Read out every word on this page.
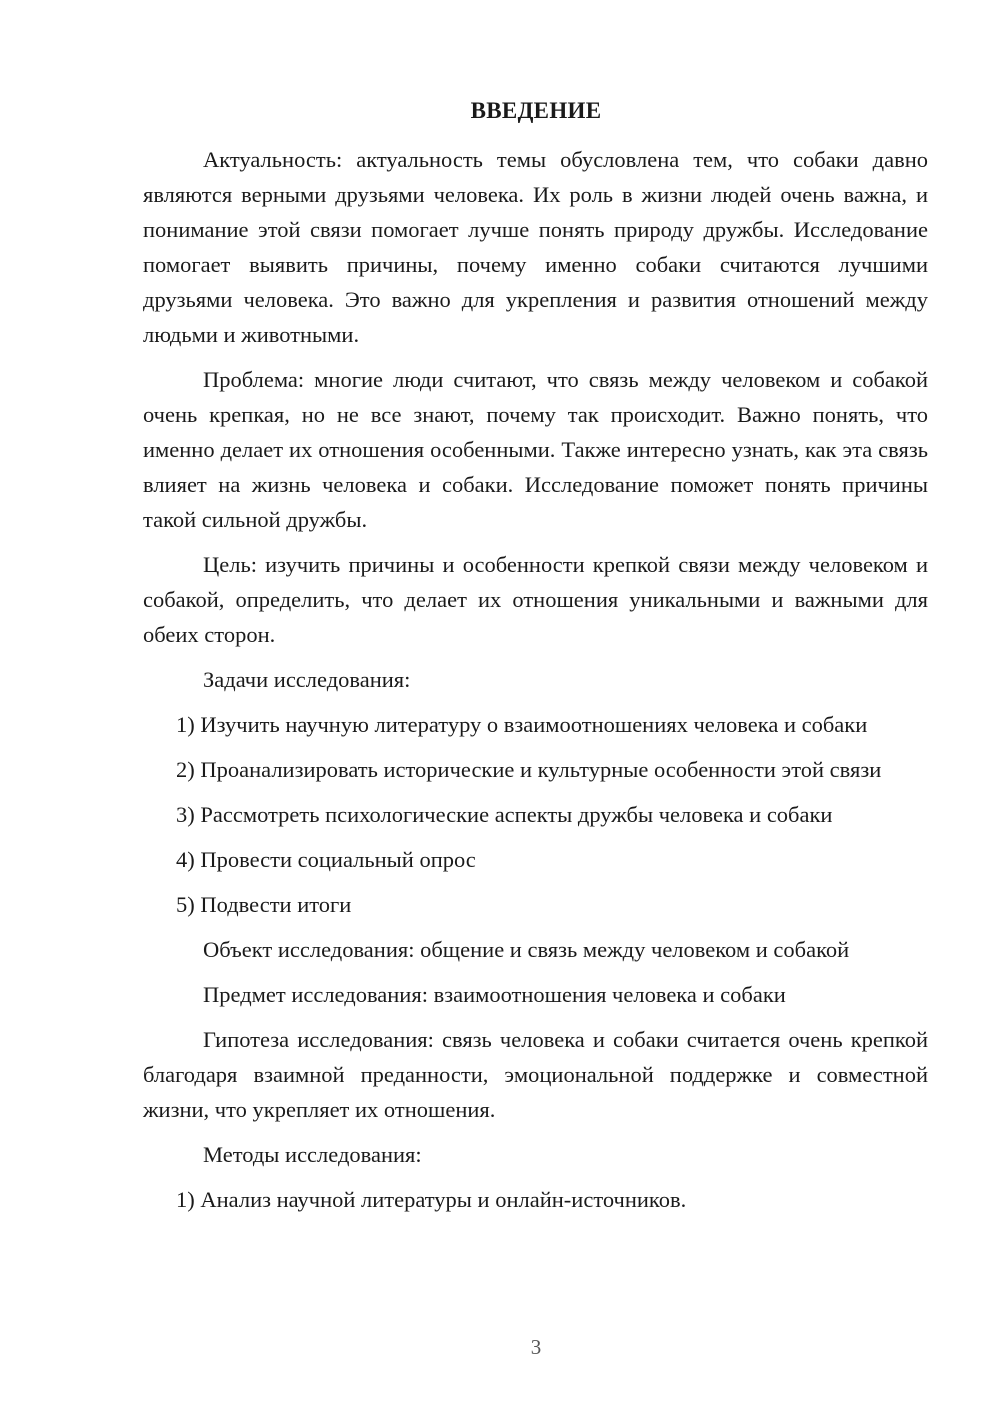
ВВЕДЕНИЕ

Актуальность: актуальность темы обусловлена тем, что собаки давно являются верными друзьями человека. Их роль в жизни людей очень важна, и понимание этой связи помогает лучше понять природу дружбы. Исследование помогает выявить причины, почему именно собаки считаются лучшими друзьями человека. Это важно для укрепления и развития отношений между людьми и животными.

Проблема: многие люди считают, что связь между человеком и собакой очень крепкая, но не все знают, почему так происходит. Важно понять, что именно делает их отношения особенными. Также интересно узнать, как эта связь влияет на жизнь человека и собаки. Исследование поможет понять причины такой сильной дружбы.

Цель: изучить причины и особенности крепкой связи между человеком и собакой, определить, что делает их отношения уникальными и важными для обеих сторон.

Задачи исследования:

1) Изучить научную литературу о взаимоотношениях человека и собаки

2) Проанализировать исторические и культурные особенности этой связи

3) Рассмотреть психологические аспекты дружбы человека и собаки

4) Провести социальный опрос

5) Подвести итоги

Объект исследования: общение и связь между человеком и собакой

Предмет исследования: взаимоотношения человека и собаки

Гипотеза исследования: связь человека и собаки считается очень крепкой благодаря взаимной преданности, эмоциональной поддержке и совместной жизни, что укрепляет их отношения.

Методы исследования:

1) Анализ научной литературы и онлайн-источников.

3
